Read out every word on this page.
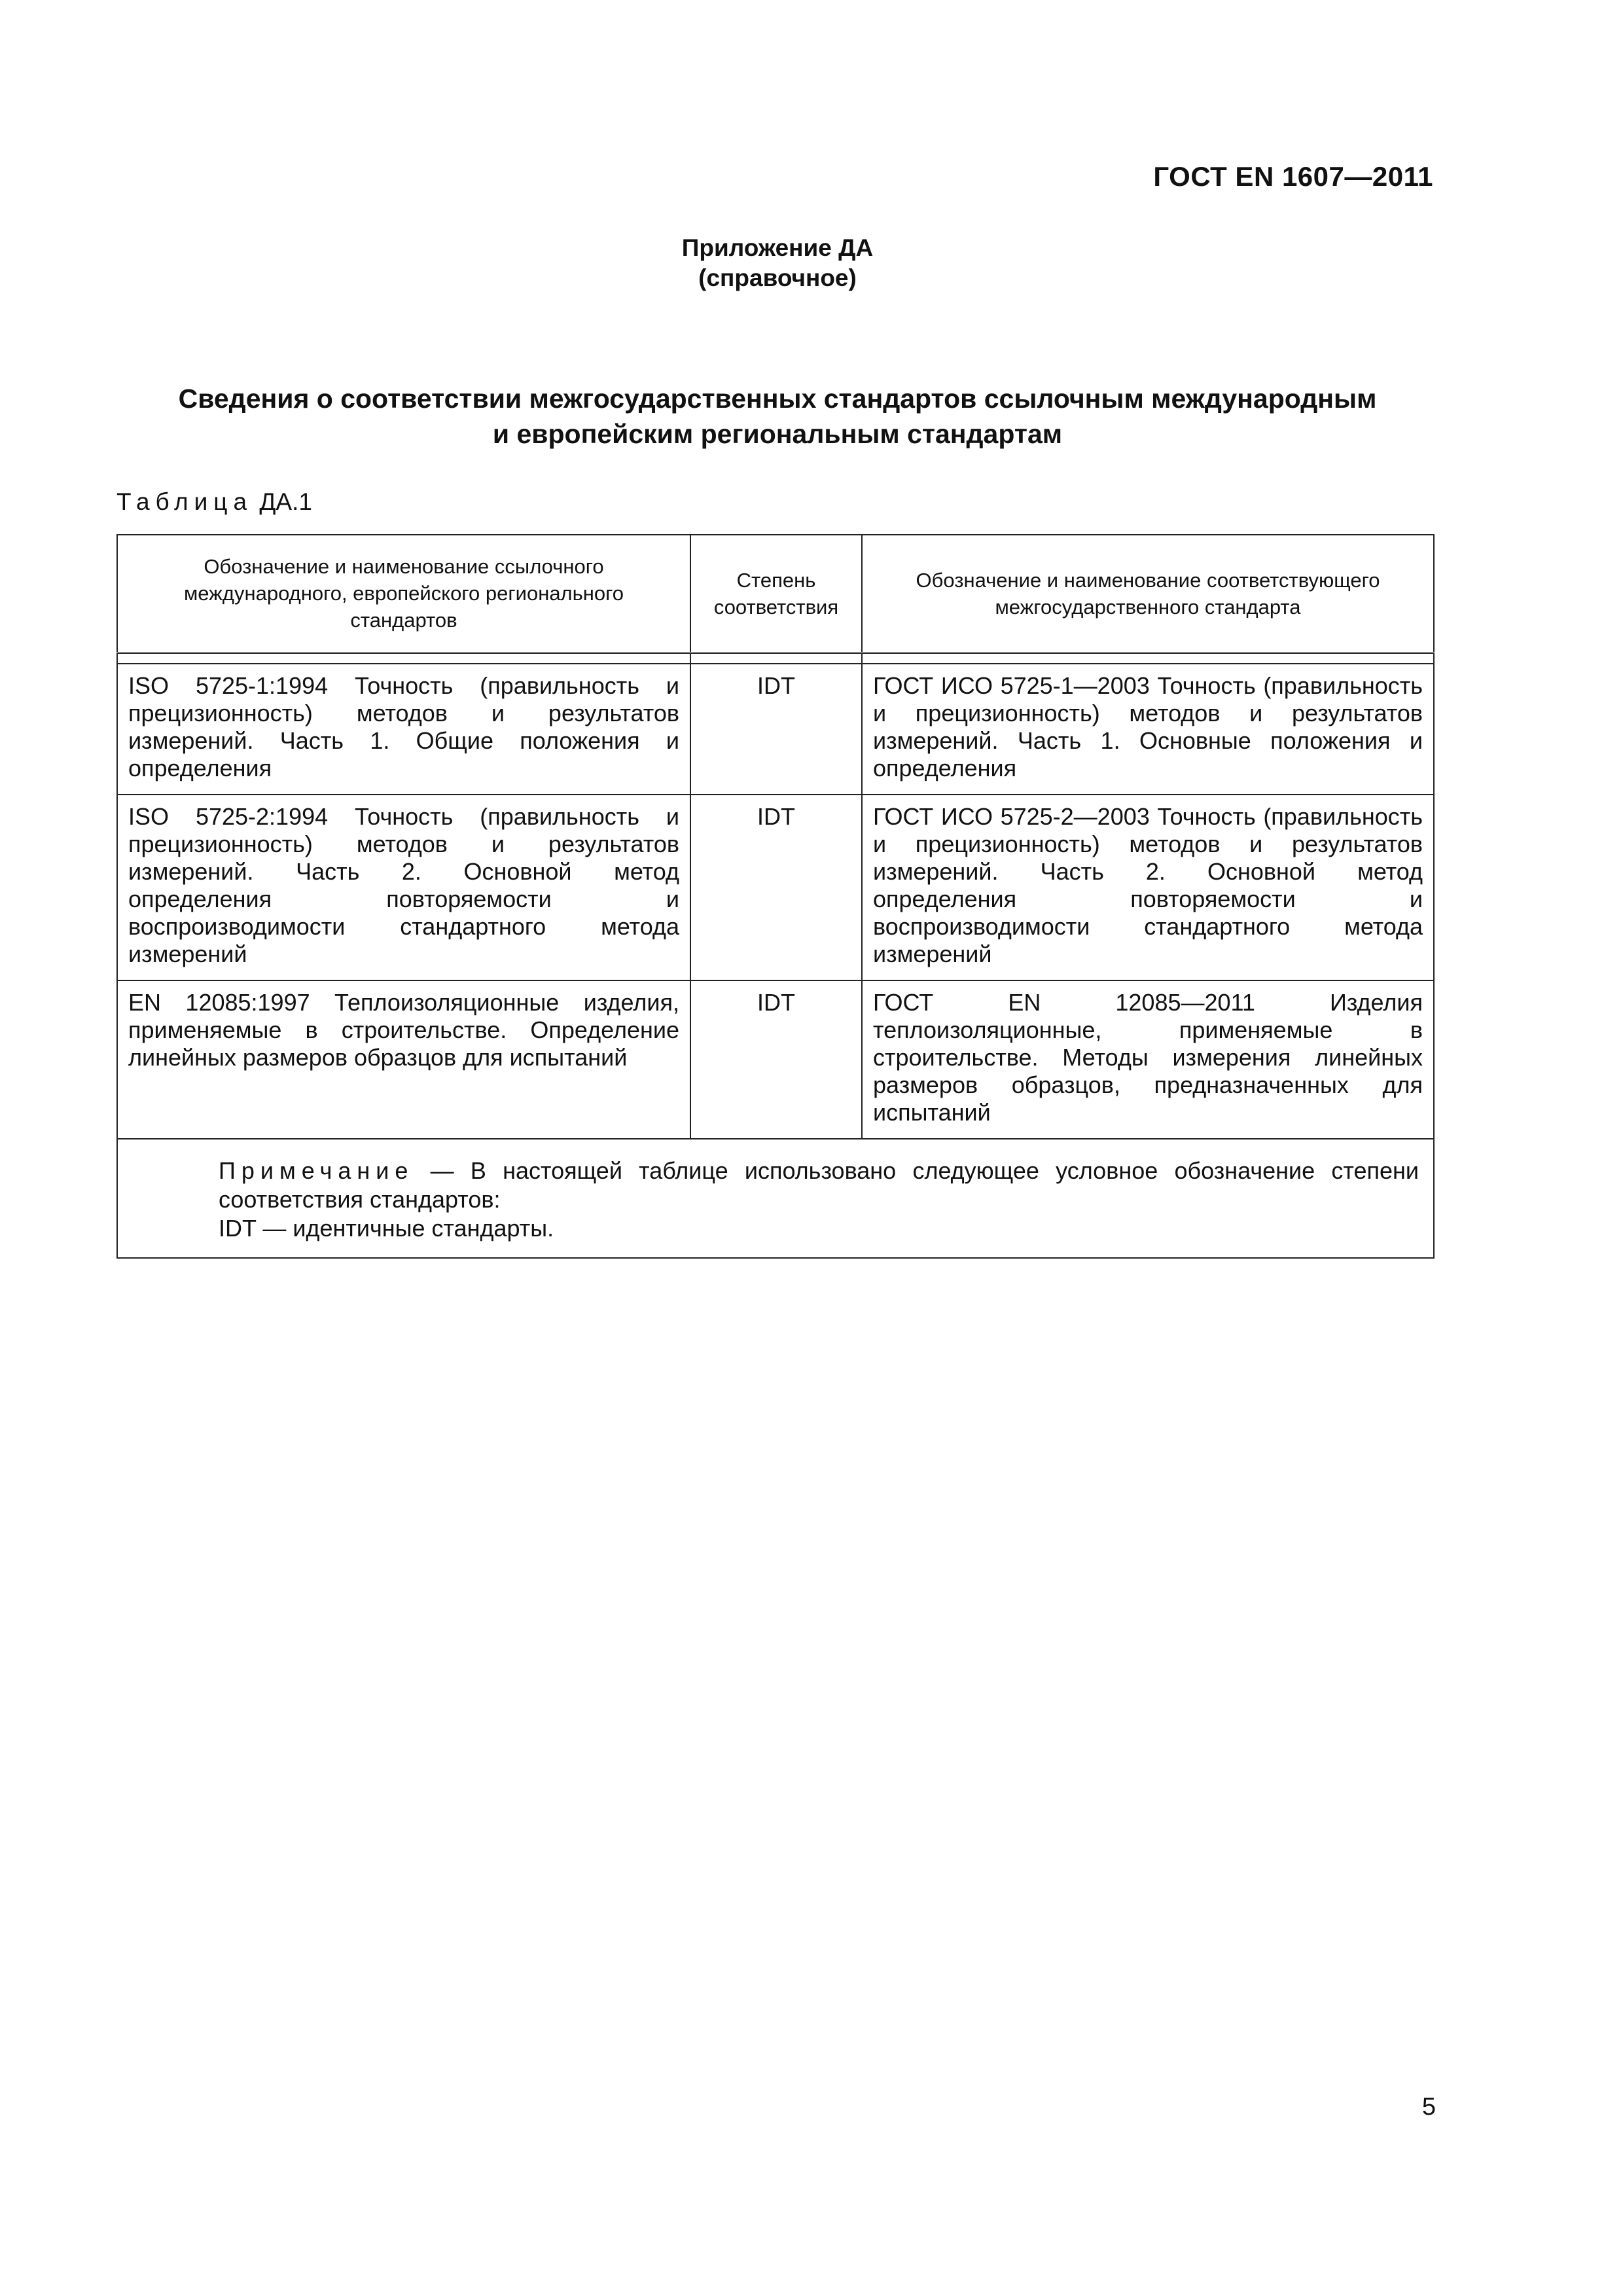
ГОСТ EN 1607—2011
Приложение ДА
(справочное)
Сведения о соответствии межгосударственных стандартов ссылочным международным
и европейским региональным стандартам
Таблица ДА.1
Обозначение и наименование ссылочного международного, европейского регионального стандартов	Степень соответствия	Обозначение и наименование соответствующего межгосударственного стандарта

ISO 5725-1:1994 Точность (правильность и прецизионность) методов и результатов измерений. Часть 1. Общие положения и определения	IDT	ГОСТ ИСО 5725-1—2003 Точность (правильность и прецизионность) методов и результатов измерений. Часть 1. Основные положения и определения
ISO 5725-2:1994 Точность (правильность и прецизионность) методов и результатов измерений. Часть 2. Основной метод определения повторяемости и воспроизводимости стандартного метода измерений	IDT	ГОСТ ИСО 5725-2—2003 Точность (правильность и прецизионность) методов и результатов измерений. Часть 2. Основной метод определения повторяемости и воспроизводимости стандартного метода измерений
EN 12085:1997 Теплоизоляционные изделия, применяемые в строительстве. Определение линейных размеров образцов для испытаний	IDT	ГОСТ EN 12085—2011 Изделия теплоизоляционные, применяемые в строительстве. Методы измерения линейных размеров образцов, предназначенных для испытаний

Примечание — В настоящей таблице использовано следующее условное обозначение степени соответствия стандартов:

IDT — идентичные стандарты.		

5
